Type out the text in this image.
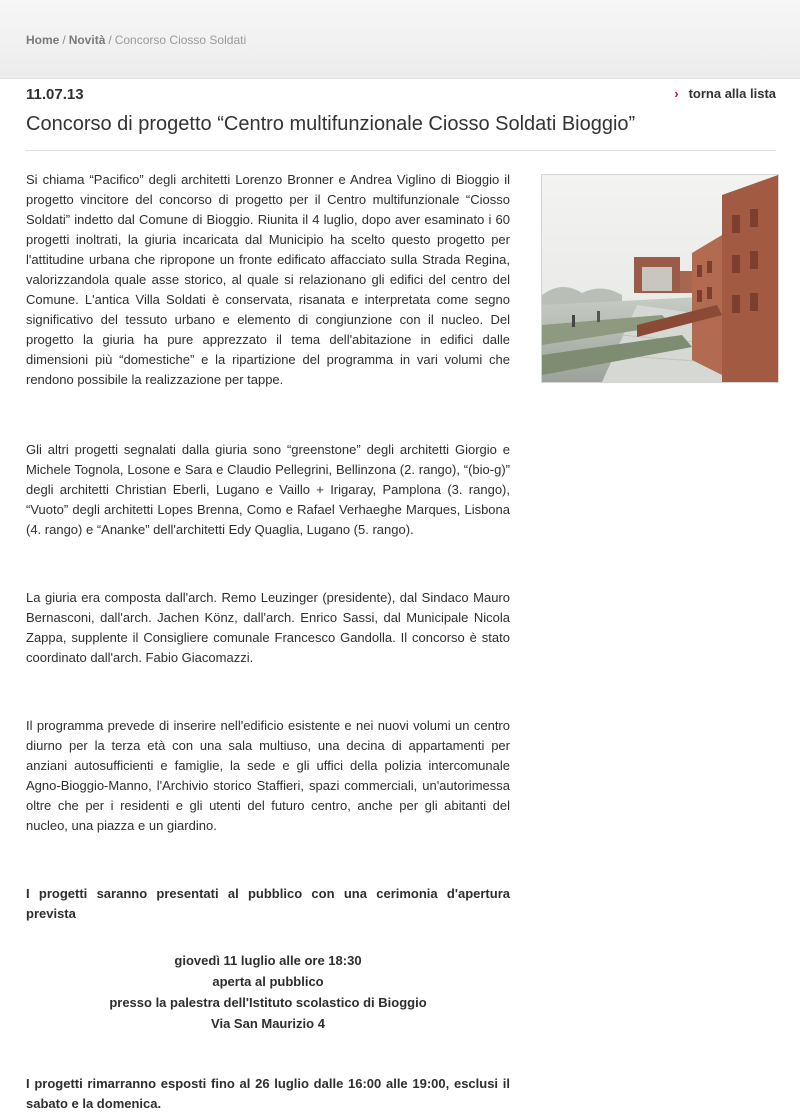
Home / Novità / Concorso Ciosso Soldati
11.07.13	› torna alla lista
Concorso di progetto “Centro multifunzionale Ciosso Soldati Bioggio”

Si chiama “Pacifico” degli architetti Lorenzo Bronner e Andrea Viglino di Bioggio il progetto vincitore del concorso di progetto per il Centro multifunzionale “Ciosso Soldati” indetto dal Comune di Bioggio. Riunita il 4 luglio, dopo aver esaminato i 60 progetti inoltrati, la giuria incaricata dal Municipio ha scelto questo progetto per l'attitudine urbana che ripropone un fronte edificato affacciato sulla Strada Regina, valorizzandola quale asse storico, al quale si relazionano gli edifici del centro del Comune. L'antica Villa Soldati è conservata, risanata e interpretata come segno significativo del tessuto urbano e elemento di congiunzione con il nucleo. Del progetto la giuria ha pure apprezzato il tema dell'abitazione in edifici dalle dimensioni più “domestiche” e la ripartizione del programma in vari volumi che rendono possibile la realizzazione per tappe.

Gli altri progetti segnalati dalla giuria sono “greenstone” degli architetti Giorgio e Michele Tognola, Losone e Sara e Claudio Pellegrini, Bellinzona (2. rango), “(bio-g)” degli architetti Christian Eberli, Lugano e Vaillo + Irigaray, Pamplona (3. rango), “Vuoto” degli architetti Lopes Brenna, Como e Rafael Verhaeghe Marques, Lisbona (4. rango) e “Ananke” dell'architetti Edy Quaglia, Lugano (5. rango).

La giuria era composta dall'arch. Remo Leuzinger (presidente), dal Sindaco Mauro Bernasconi, dall'arch. Jachen Könz, dall'arch. Enrico Sassi, dal Municipale Nicola Zappa, supplente il Consigliere comunale Francesco Gandolla. Il concorso è stato coordinato dall'arch. Fabio Giacomazzi.

Il programma prevede di inserire nell'edificio esistente e nei nuovi volumi un centro diurno per la terza età con una sala multiuso, una decina di appartamenti per anziani autosufficienti e famiglie, la sede e gli uffici della polizia intercomunale Agno-Bioggio-Manno, l'Archivio storico Staffieri, spazi commerciali, un'autorimessa oltre che per i residenti e gli utenti del futuro centro, anche per gli abitanti del nucleo, una piazza e un giardino.

I progetti saranno presentati al pubblico con una cerimonia d'apertura prevista

giovedì 11 luglio alle ore 18:30
aperta al pubblico
presso la palestra dell'Istituto scolastico di Bioggio
Via San Maurizio 4

I progetti rimarranno esposti fino al 26 luglio dalle 16:00 alle 19:00, esclusi il sabato e la domenica.
